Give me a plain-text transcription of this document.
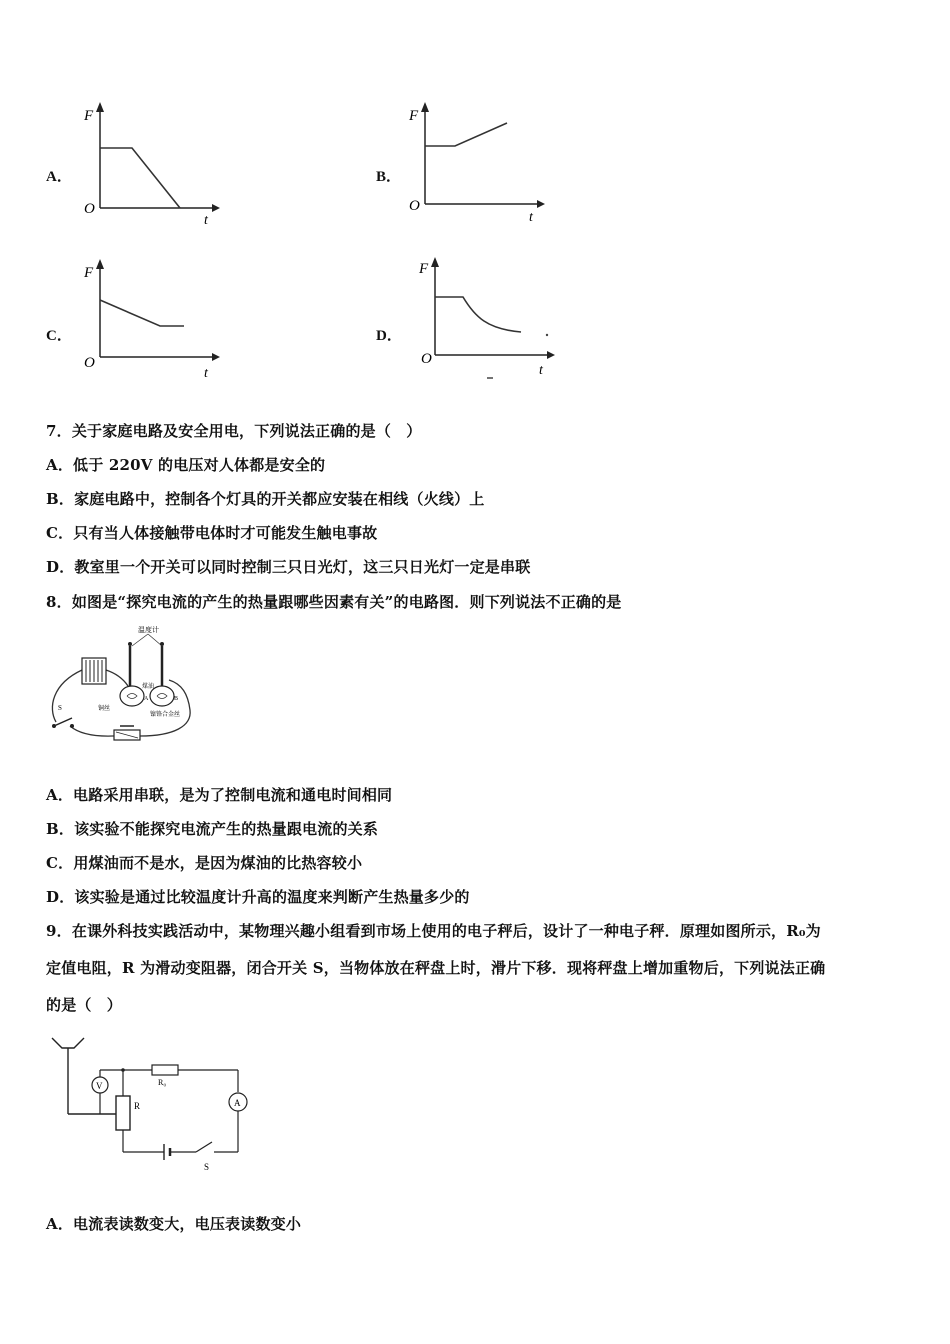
A．
F
t
O
B．
F
t
O
C．
F
t
O
D．
F
t
O
7．关于家庭电路及安全用电，下列说法正确的是（　）
A．低于 220V 的电压对人体都是安全的
B．家庭电路中，控制各个灯具的开关都应安装在相线（火线）上
C．只有当人体接触带电体时才可能发生触电事故
D．教室里一个开关可以同时控制三只日光灯，这三只日光灯一定是串联
8．如图是“探究电流的产生的热量跟哪些因素有关”的电路图．则下列说法不正确的是
温度计
煤油
A	B
铜丝
镍铬合金丝
S
A．电路采用串联，是为了控制电流和通电时间相同
B．该实验不能探究电流产生的热量跟电流的关系
C．用煤油而不是水，是因为煤油的比热容较小
D．该实验是通过比较温度计升高的温度来判断产生热量多少的
9．在课外科技实践活动中，某物理兴趣小组看到市场上使用的电子秤后，设计了一种电子秤．原理如图所示，R₀为
定值电阻，R 为滑动变阻器，闭合开关 S，当物体放在秤盘上时，滑片下移．现将秤盘上增加重物后，下列说法正确
的是（　）
R
V	R₀
A
S
A．电流表读数变大，电压表读数变小
